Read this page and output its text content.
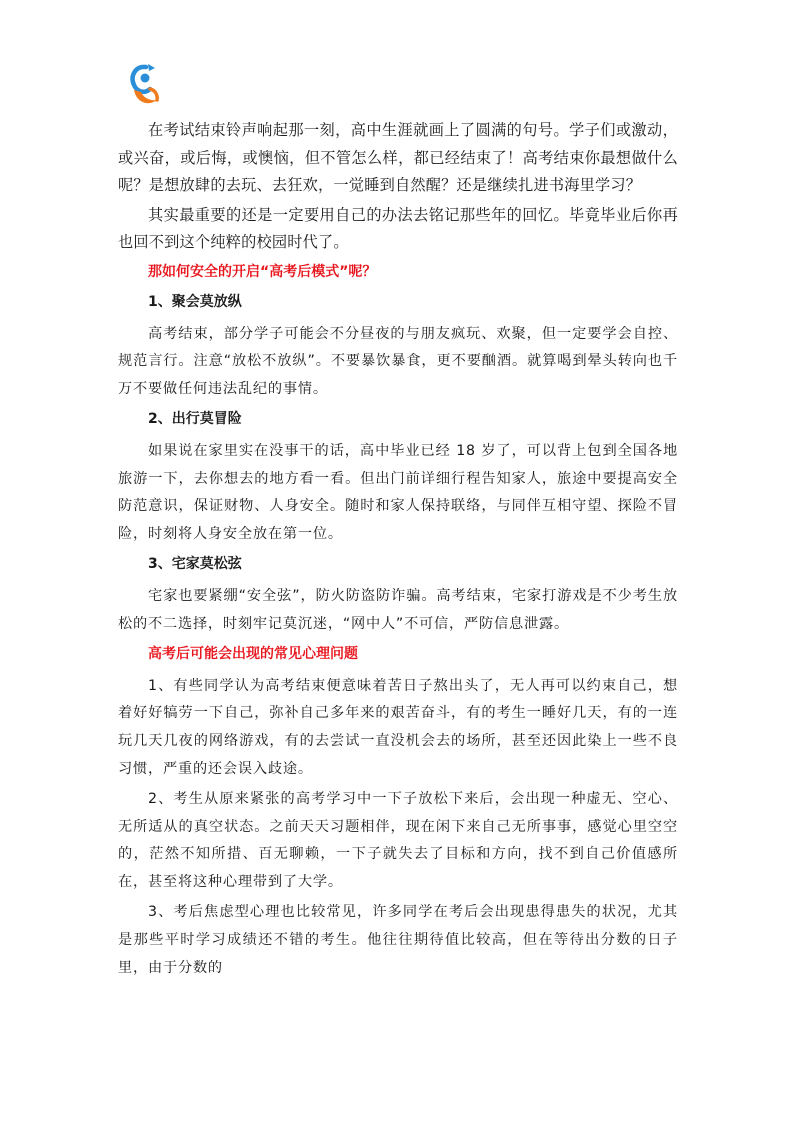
在考试结束铃声响起那一刻，高中生涯就画上了圆满的句号。学子们或激动，或兴奋，或后悔，或懊恼，但不管怎么样，都已经结束了！高考结束你最想做什么呢？是想放肆的去玩、去狂欢，一觉睡到自然醒？还是继续扎进书海里学习？

其实最重要的还是一定要用自己的办法去铭记那些年的回忆。毕竟毕业后你再也回不到这个纯粹的校园时代了。

那如何安全的开启“高考后模式”呢？
1、聚会莫放纵

高考结束，部分学子可能会不分昼夜的与朋友疯玩、欢聚，但一定要学会自控、规范言行。注意“放松不放纵”。不要暴饮暴食，更不要酗酒。就算喝到晕头转向也千万不要做任何违法乱纪的事情。

2、出行莫冒险

如果说在家里实在没事干的话，高中毕业已经 18 岁了，可以背上包到全国各地旅游一下，去你想去的地方看一看。但出门前详细行程告知家人，旅途中要提高安全防范意识，保证财物、人身安全。随时和家人保持联络，与同伴互相守望、探险不冒险，时刻将人身安全放在第一位。

3、宅家莫松弦

宅家也要紧绷“安全弦”，防火防盗防诈骗。高考结束，宅家打游戏是不少考生放松的不二选择，时刻牢记莫沉迷，“网中人”不可信，严防信息泄露。

高考后可能会出现的常见心理问题

1、有些同学认为高考结束便意味着苦日子熬出头了，无人再可以约束自己，想着好好犒劳一下自己，弥补自己多年来的艰苦奋斗，有的考生一睡好几天，有的一连玩几天几夜的网络游戏，有的去尝试一直没机会去的场所，甚至还因此染上一些不良习惯，严重的还会误入歧途。

2、考生从原来紧张的高考学习中一下子放松下来后，会出现一种虚无、空心、无所适从的真空状态。之前天天习题相伴，现在闲下来自己无所事事，感觉心里空空的，茫然不知所措、百无聊赖，一下子就失去了目标和方向，找不到自己价值感所在，甚至将这种心理带到了大学。

3、考后焦虑型心理也比较常见，许多同学在考后会出现患得患失的状况，尤其是那些平时学习成绩还不错的考生。他往往期待值比较高，但在等待出分数的日子里，由于分数的
